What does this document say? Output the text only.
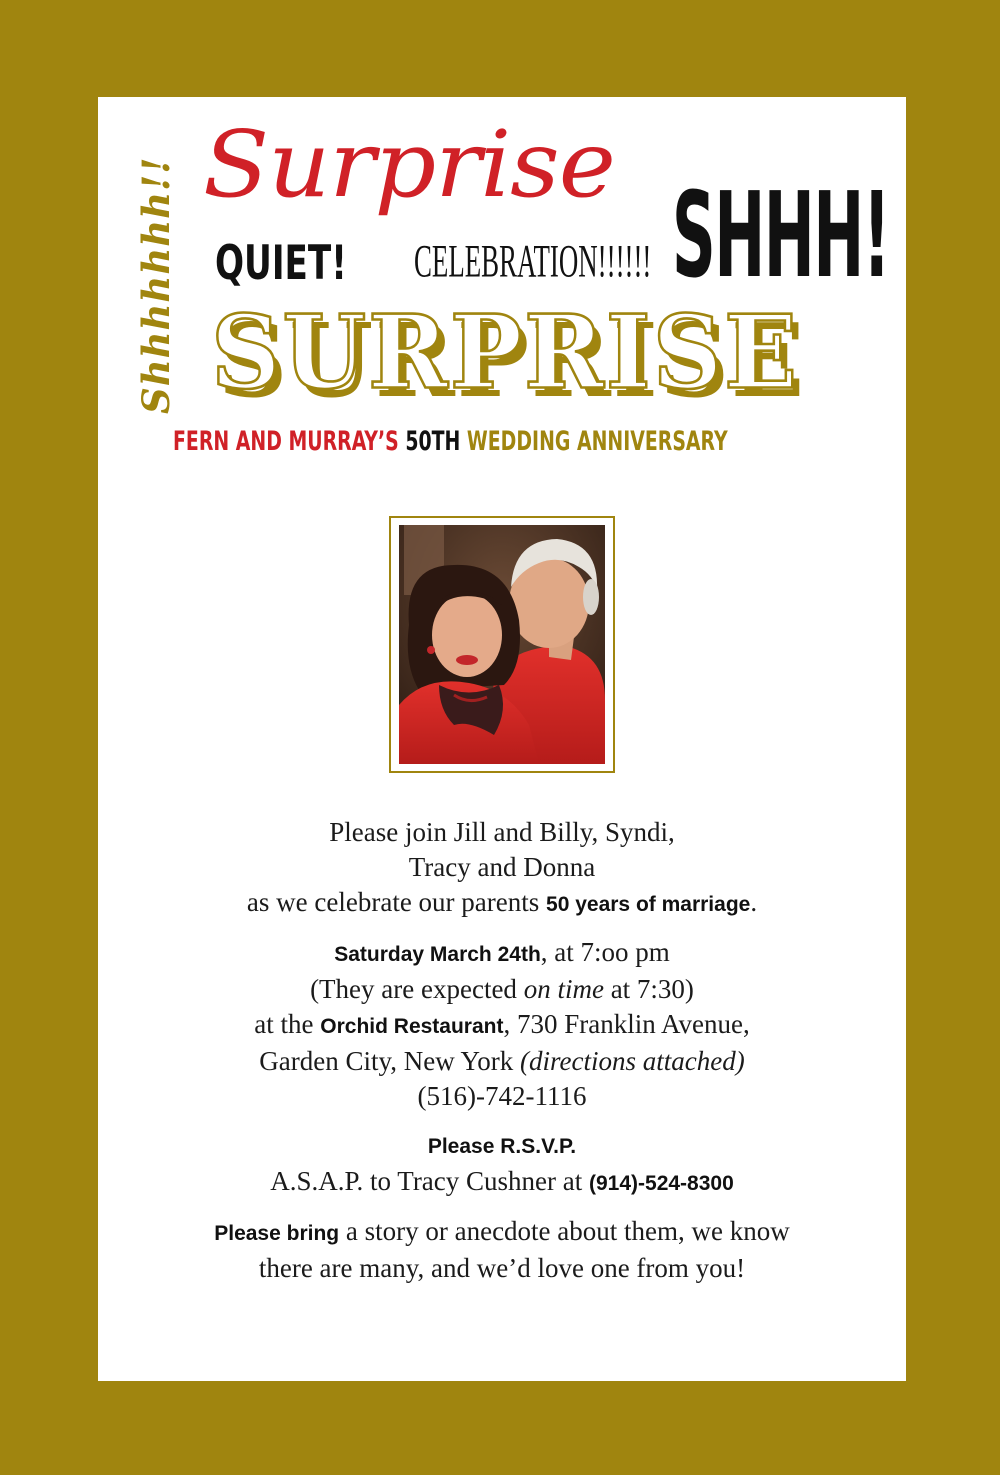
Shhhhhhh!! Surprise
QUIET! CELEBRATION!!!!!! SHHH!
SURPRISE
FERN AND MURRAY’S 50TH WEDDING ANNIVERSARY

Please join Jill and Billy, Syndi,
Tracy and Donna
as we celebrate our parents 50 years of marriage.

Saturday March 24th, at 7:oo pm
(They are expected on time at 7:30)
at the Orchid Restaurant, 730 Franklin Avenue,
Garden City, New York (directions attached)
(516)-742-1116

Please R.S.V.P.
A.S.A.P. to Tracy Cushner at (914)-524-8300

Please bring a story or anecdote about them, we know
there are many, and we’d love one from you!
